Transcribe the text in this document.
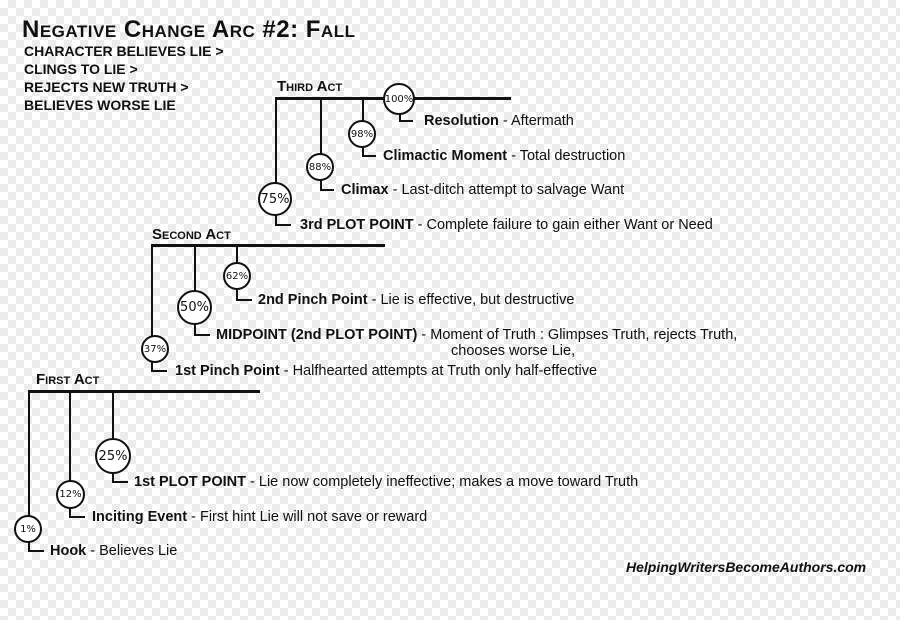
Negative Change Arc #2: Fall
CHARACTER BELIEVES LIE >
CLINGS TO LIE >
REJECTS NEW TRUTH >
BELIEVES WORSE LIE
Third Act
100%
98%
88%
75%
Resolution - Aftermath
Climactic Moment - Total destruction
Climax - Last-ditch attempt to salvage Want
3rd PLOT POINT - Complete failure to gain either Want or Need
Second Act
62%
50%
37%
2nd Pinch Point - Lie is effective, but destructive
MIDPOINT (2nd PLOT POINT) - Moment of Truth : Glimpses Truth, rejects Truth,
chooses worse Lie,
1st Pinch Point - Halfhearted attempts at Truth only half-effective
First Act
25%
12%
1%
1st PLOT POINT - Lie now completely ineffective; makes a move toward Truth
Inciting Event - First hint Lie will not save or reward
Hook - Believes Lie
HelpingWritersBecomeAuthors.com
